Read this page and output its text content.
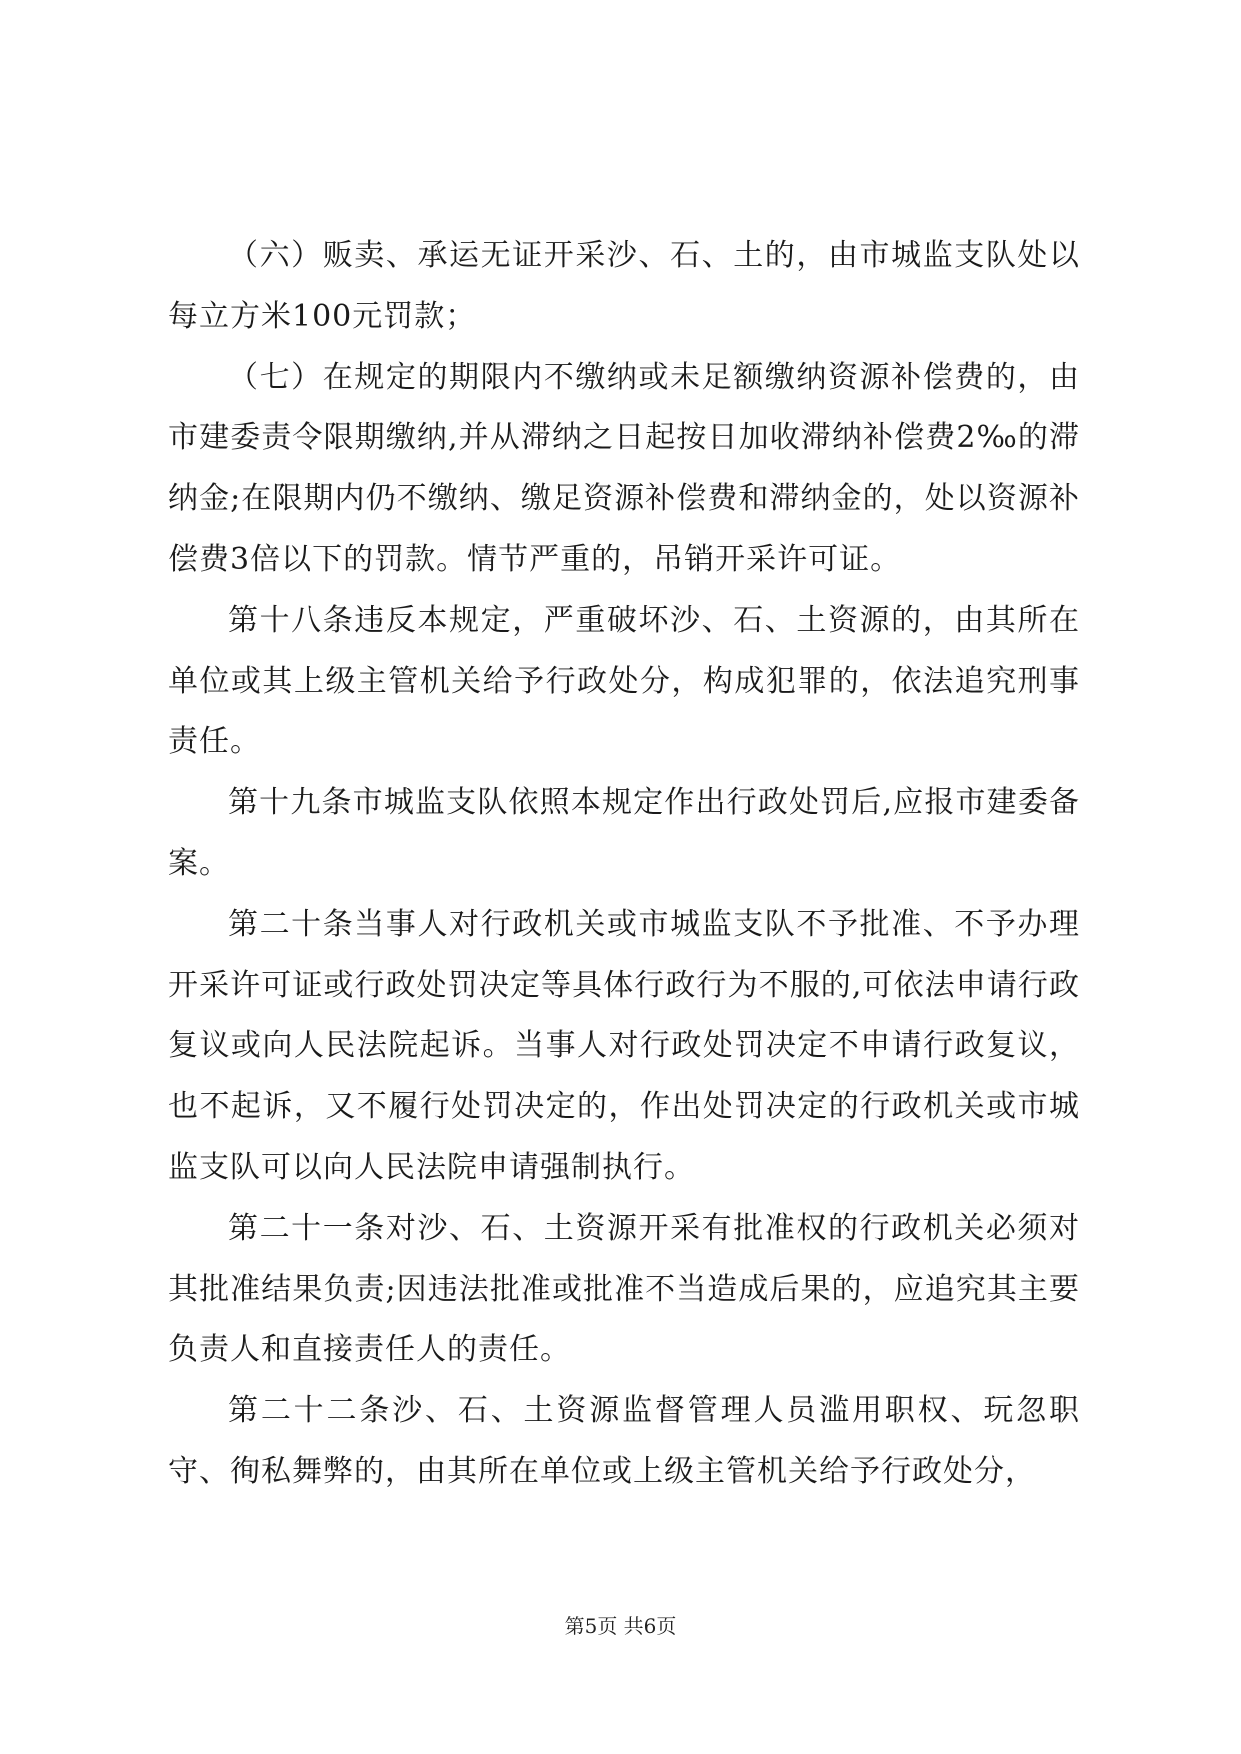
（六）贩卖、承运无证开采沙、石、土的，由市城监支队处以每立方米100元罚款；

（七）在规定的期限内不缴纳或未足额缴纳资源补偿费的，由市建委责令限期缴纳,并从滞纳之日起按日加收滞纳补偿费2‰的滞纳金;在限期内仍不缴纳、缴足资源补偿费和滞纳金的，处以资源补偿费3倍以下的罚款。情节严重的，吊销开采许可证。

第十八条违反本规定，严重破坏沙、石、土资源的，由其所在单位或其上级主管机关给予行政处分，构成犯罪的，依法追究刑事责任。

第十九条市城监支队依照本规定作出行政处罚后,应报市建委备案。

第二十条当事人对行政机关或市城监支队不予批准、不予办理开采许可证或行政处罚决定等具体行政行为不服的,可依法申请行政复议或向人民法院起诉。当事人对行政处罚决定不申请行政复议，也不起诉，又不履行处罚决定的，作出处罚决定的行政机关或市城监支队可以向人民法院申请强制执行。

第二十一条对沙、石、土资源开采有批准权的行政机关必须对其批准结果负责;因违法批准或批准不当造成后果的，应追究其主要负责人和直接责任人的责任。

第二十二条沙、石、土资源监督管理人员滥用职权、玩忽职守、徇私舞弊的，由其所在单位或上级主管机关给予行政处分，

第5页 共6页
